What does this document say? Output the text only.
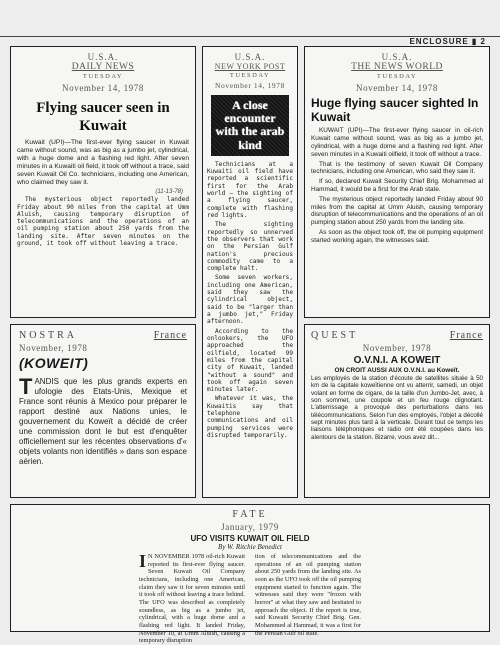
ENCLOSURE ▮ 2
U.S.A.
DAILY NEWS
TUESDAY
November 14, 1978
Flying saucer seen in Kuwait

Kuwait (UPI)—The first-ever flying saucer in Kuwait came without sound, was as big as a jumbo jet, cylindrical, with a huge dome and a flashing red light. After seven minutes in a Kuwaiti oil field, it took off without a trace, said seven Kuwait Oil Co. technicians, including one American, who claimed they saw it.

(11-13-78)

The mysterious object reportedly landed Friday about 90 miles from the capital at Umm Aluish, causing temporary disruption of telecommunications and the operations of an oil pumping station about 250 yards from the landing site. After seven minutes on the ground, it took off without leaving a trace.

U.S.A.
NEW YORK POST
TUESDAY
November 14, 1978
A close encounter with the arab kind

Technicians at a Kuwaiti oil field have reported a scientific first for the Arab world — the sighting of a flying saucer, complete with flashing red lights.

The sighting reportedly so unnerved the observers that work on the Persian Gulf nation's precious commodity came to a complete halt.

Some seven workers, including one American, said they saw the cylindrical object, said to be "larger than a jumbo jet," Friday afternoon.

According to the onlookers, the UFO approached the oilfield, located 99 miles from the capital city of Kuwait, landed "without a sound" and took off again seven minutes later.

Whatever it was, the Kuwaitis say that telephone communications and oil pumping services were disrupted temporarily.

U.S.A.
THE NEWS WORLD
TUESDAY
November 14, 1978
Huge flying saucer sighted In Kuwait

KUWAIT (UPI)—The first-ever flying saucer in oil-rich Kuwait came without sound, was as big as a jumbo jet, cylindrical, with a huge dome and a flashing red light. After seven minutes in a Kuwaiti oilfield, it took off without a trace.

That is the testimony of seven Kuwait Oil Company technicians, including one American, who said they saw it.

If so, declared Kuwait Security Chief Brig. Mohammed al Hammad, it would be a first for the Arab state.

The mysterious object reportedly landed Friday about 90 miles from the capital at Umm Aluish, causing temporary disruption of telecommunications and the operations of an oil pumping station about 250 yards from the landing site.

As soon as the object took off, the oil pumping equipment started working again, the witnesses said.

NOSTRA	France
November, 1978
(KOWEIT)
T ANDIS que les plus grands experts en ufologie des Etats-Unis, Mexique et France sont réunis à Mexico pour préparer le rapport destiné aux Nations unies, le gouvernement du Koweït a décidé de créer une commission dont le but est d'enquêter officiellement sur les récentes observations d'« objets volants non identifiés » dans son espace aérien.
QUEST	France
November, 1978
O.V.N.I. A KOWEIT
ON CROIT AUSSI AUX O.V.N.I. au Koweït.
Les employés de la station d'écoute de satellites située à 50 km de la capitale koweïtienne ont vu atterrir, samedi, un objet volant en forme de cigare, de la taille d'un Jumbo-Jet, avec, à son sommet, une coupole et un feu rouge clignotant. L'atterrissage a provoqué des perturbations dans les télécommunications. Selon l'un des employés, l'objet a décollé sept minutes plus tard à la verticale. Durant tout ce temps les liaisons téléphoniques et radio ont été coupées dans les alentours de la station. Bizarre, vous avez dit...
FATE
January, 1979
UFO VISITS KUWAIT OIL FIELD
By W. Ritchie Benedict
I N NOVEMBER 1978 oil-rich Kuwait reported its first-ever flying saucer. Seven Kuwait Oil Company technicians, including one American, claim they saw it for seven minutes until it took off without leaving a trace behind. The UFO was described as completely soundless, as big as a jumbo jet, cylindrical, with a huge dome and a flashing red light. It landed Friday, November 10, at Umm Aluish, causing a temporary disruption
tion of telecommunications and the operations of an oil pumping station about 250 yards from the landing site. As soon as the UFO took off the oil pumping equipment started to function again. The witnesses said they were "frozen with horror" at what they saw and hesitated to approach the object. If the report is true, said Kuwaiti Security Chief Brig. Gen. Mohammed al Hammad, it was a first for the Persian Gulf oil state.
